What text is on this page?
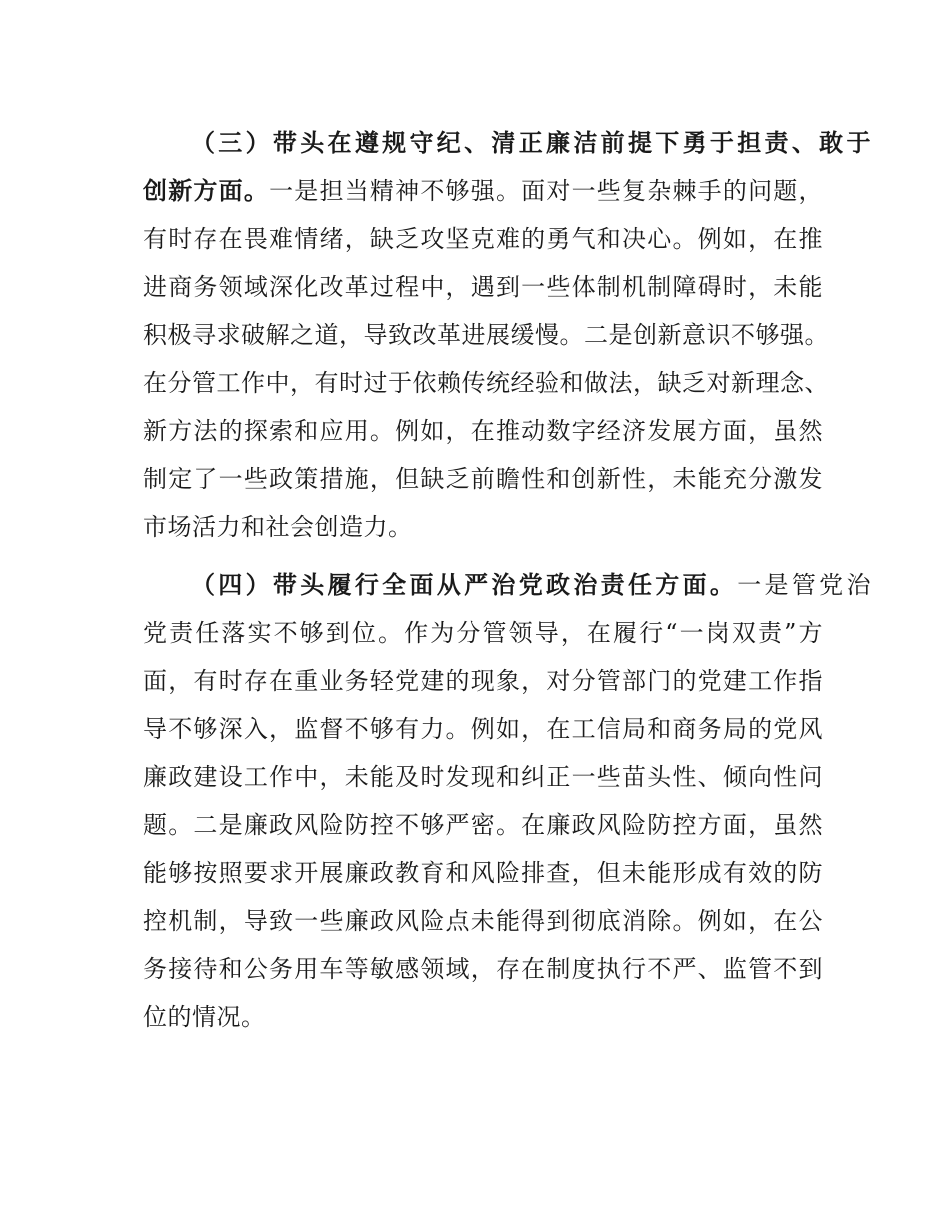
（三）带头在遵规守纪、清正廉洁前提下勇于担责、敢于
创新方面。一是担当精神不够强。面对一些复杂棘手的问题，
有时存在畏难情绪，缺乏攻坚克难的勇气和决心。例如，在推
进商务领域深化改革过程中，遇到一些体制机制障碍时，未能
积极寻求破解之道，导致改革进展缓慢。二是创新意识不够强。
在分管工作中，有时过于依赖传统经验和做法，缺乏对新理念、
新方法的探索和应用。例如，在推动数字经济发展方面，虽然
制定了一些政策措施，但缺乏前瞻性和创新性，未能充分激发
市场活力和社会创造力。
（四）带头履行全面从严治党政治责任方面。一是管党治
党责任落实不够到位。作为分管领导，在履行“一岗双责”方
面，有时存在重业务轻党建的现象，对分管部门的党建工作指
导不够深入，监督不够有力。例如，在工信局和商务局的党风
廉政建设工作中，未能及时发现和纠正一些苗头性、倾向性问
题。二是廉政风险防控不够严密。在廉政风险防控方面，虽然
能够按照要求开展廉政教育和风险排查，但未能形成有效的防
控机制，导致一些廉政风险点未能得到彻底消除。例如，在公
务接待和公务用车等敏感领域，存在制度执行不严、监管不到
位的情况。
